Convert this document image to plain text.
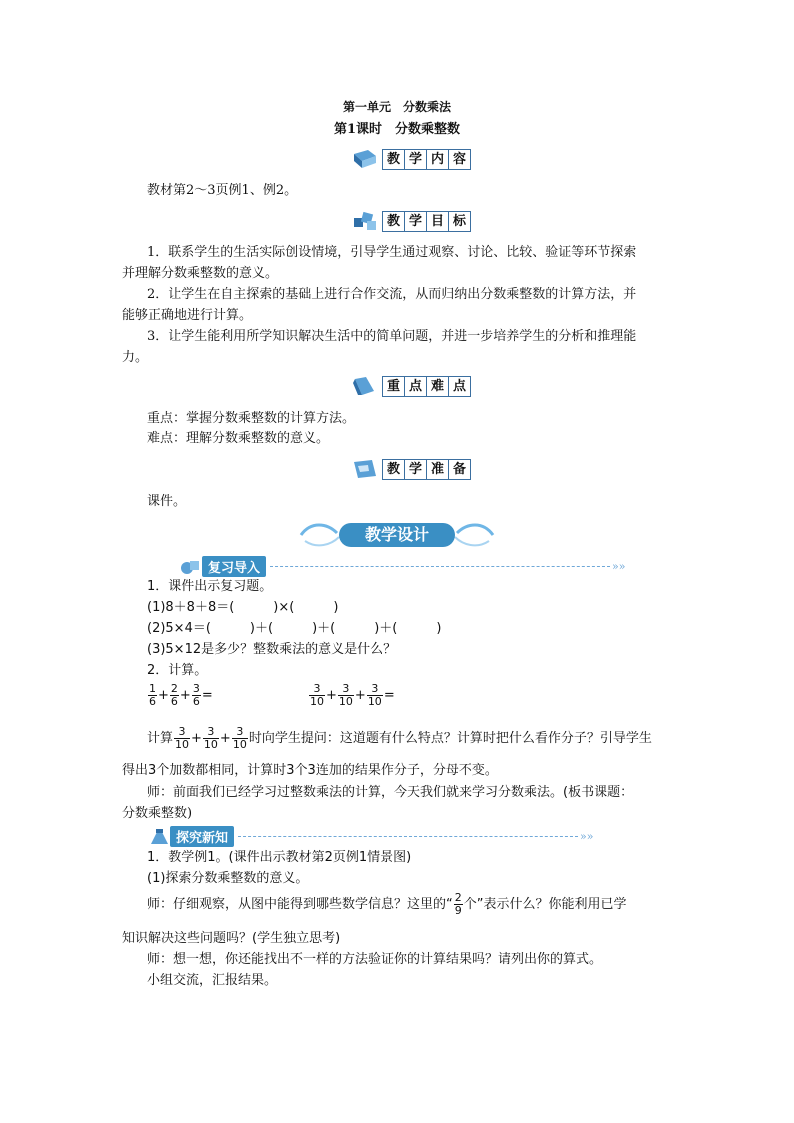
第一单元　分数乘法
第1课时　分数乘整数
教 学 内 容
教材第2～3页例1、例2。
教 学 目 标
1．联系学生的生活实际创设情境，引导学生通过观察、讨论、比较、验证等环节探索
并理解分数乘整数的意义。
2．让学生在自主探索的基础上进行合作交流，从而归纳出分数乘整数的计算方法，并
能够正确地进行计算。
3．让学生能利用所学知识解决生活中的简单问题，并进一步培养学生的分析和推理能
力。
重 点 难 点
重点：掌握分数乘整数的计算方法。
难点：理解分数乘整数的意义。
教 学 准 备
课件。
教学设计
复习导入	»»
1．课件出示复习题。
(1)8＋8＋8＝(　　　)×(　　　)
(2)5×4＝(　　　)＋(　　　)＋(　　　)＋(　　　)
(3)5×12是多少？整数乘法的意义是什么？
2．计算。
$\frac{1}{6} + \frac{2}{6} + \frac{3}{6}$ =	$\frac{3}{10} + \frac{3}{10} + \frac{3}{10}$ =
计算 $\frac{3}{10} + \frac{3}{10} + \frac{3}{10}$ 时向学生提问：这道题有什么特点？计算时把什么看作分子？引导学生
得出3个加数都相同，计算时3个3连加的结果作分子，分母不变。
师：前面我们已经学习过整数乘法的计算，今天我们就来学习分数乘法。(板书课题：
分数乘整数)
探究新知	»»
1．教学例1。(课件出示教材第2页例1情景图)
(1)探索分数乘整数的意义。
师：仔细观察，从图中能得到哪些数学信息？这里的“ $\frac{2}{9}$ 个”表示什么？你能利用已学
知识解决这些问题吗？(学生独立思考)
师：想一想，你还能找出不一样的方法验证你的计算结果吗？请列出你的算式。
小组交流，汇报结果。
